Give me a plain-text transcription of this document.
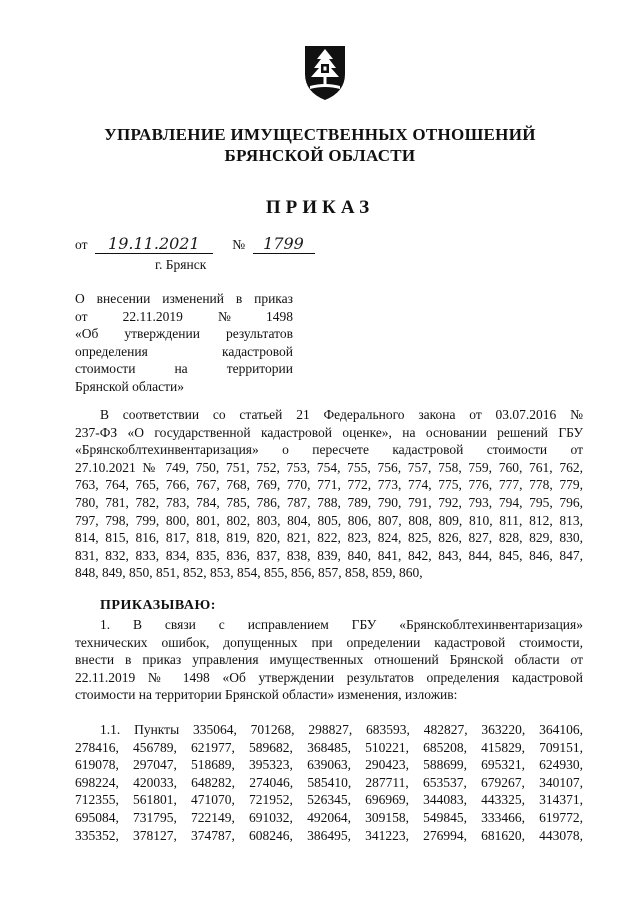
УПРАВЛЕНИЕ ИМУЩЕСТВЕННЫХ ОТНОШЕНИЙ
БРЯНСКОЙ ОБЛАСТИ
ПРИКАЗ
от 19.11.2021 № 1799
г. Брянск
О внесении изменений в приказ
от	22.11.2019	№	1498
«Об утверждении результатов
определения	кадастровой
стоимости	на	территории
Брянской области»
В соответствии со статьей 21 Федерального закона от 03.07.2016 №
237-ФЗ «О государственной кадастровой оценке», на основании решений ГБУ
«Брянскоблтехинвентаризация» о пересчете кадастровой стоимости от
27.10.2021 № 749, 750, 751, 752, 753, 754, 755, 756, 757, 758, 759, 760, 761, 762,
763, 764, 765, 766, 767, 768, 769, 770, 771, 772, 773, 774, 775, 776, 777, 778, 779,
780, 781, 782, 783, 784, 785, 786, 787, 788, 789, 790, 791, 792, 793, 794, 795, 796,
797, 798, 799, 800, 801, 802, 803, 804, 805, 806, 807, 808, 809, 810, 811, 812, 813,
814, 815, 816, 817, 818, 819, 820, 821, 822, 823, 824, 825, 826, 827, 828, 829, 830,
831, 832, 833, 834, 835, 836, 837, 838, 839, 840, 841, 842, 843, 844, 845, 846, 847,
848, 849, 850, 851, 852, 853, 854, 855, 856, 857, 858, 859, 860,
ПРИКАЗЫВАЮ:
1. В связи с исправлением ГБУ «Брянскоблтехинвентаризация»
технических ошибок, допущенных при определении кадастровой стоимости,
внести в приказ управления имущественных отношений Брянской области от
22.11.2019 № 1498 «Об утверждении результатов определения кадастровой
стоимости на территории Брянской области» изменения, изложив:
1.1. Пункты 335064, 701268, 298827, 683593, 482827, 363220, 364106,
278416, 456789, 621977, 589682, 368485, 510221, 685208, 415829, 709151,
619078, 297047, 518689, 395323, 639063, 290423, 588699, 695321, 624930,
698224, 420033, 648282, 274046, 585410, 287711, 653537, 679267, 340107,
712355, 561801, 471070, 721952, 526345, 696969, 344083, 443325, 314371,
695084, 731795, 722149, 691032, 492064, 309158, 549845, 333466, 619772,
335352, 378127, 374787, 608246, 386495, 341223, 276994, 681620, 443078,
